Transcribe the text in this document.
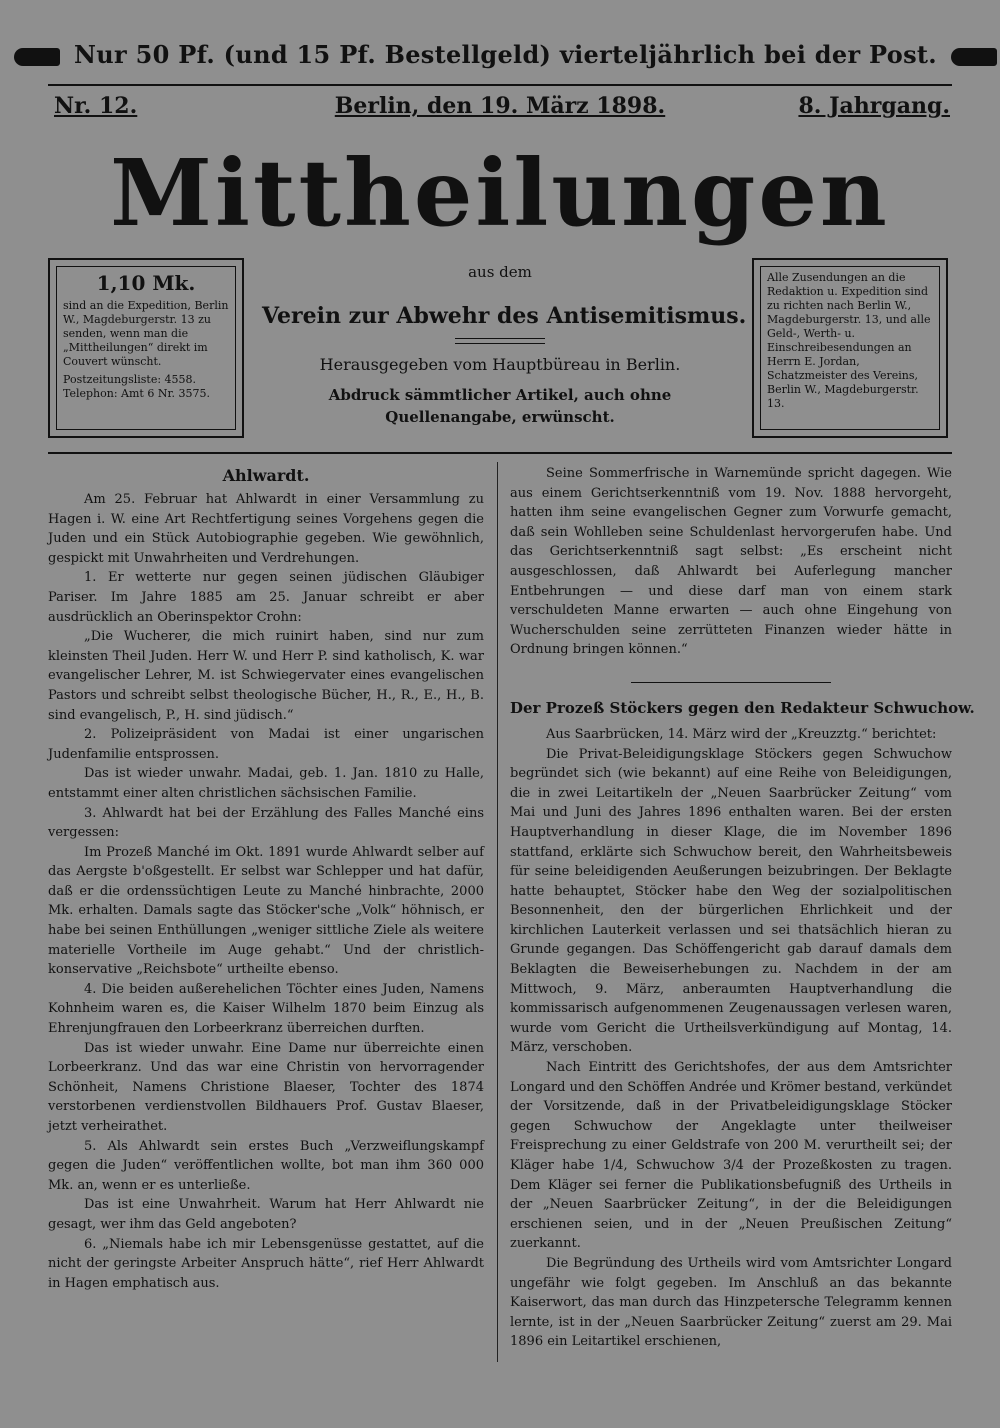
Nur 50 Pf. (und 15 Pf. Bestellgeld) vierteljährlich bei der Post.
Berlin, den 19. März 1898.
Nr. 12.	8. Jahrgang.
Mittheilungen
1,10 Mk.

sind an die Expedition, Berlin W., Magdeburgerstr. 13 zu senden, wenn man die „Mittheilungen“ direkt im Couvert wünscht.

Postzeitungsliste: 4558.

Telephon: Amt 6 Nr. 3575.

aus dem
Verein zur Abwehr des Antisemitismus.
Herausgegeben vom Hauptbüreau in Berlin.
Abdruck sämmtlicher Artikel, auch ohne Quellenangabe, erwünscht.

Alle Zusendungen an die Redaktion u. Expedition sind zu richten nach Berlin W., Magdeburgerstr. 13, und alle Geld-, Werth- u. Einschreibesendungen an Herrn E. Jordan, Schatzmeister des Vereins, Berlin W., Magdeburgerstr. 13.

Ahlwardt.

Am 25. Februar hat Ahlwardt in einer Versammlung zu Hagen i. W. eine Art Rechtfertigung seines Vorgehens gegen die Juden und ein Stück Autobiographie gegeben. Wie gewöhnlich, gespickt mit Unwahrheiten und Verdrehungen.

1. Er wetterte nur gegen seinen jüdischen Gläubiger Pariser. Im Jahre 1885 am 25. Januar schreibt er aber ausdrücklich an Oberinspektor Crohn:

„Die Wucherer, die mich ruinirt haben, sind nur zum kleinsten Theil Juden. Herr W. und Herr P. sind katholisch, K. war evangelischer Lehrer, M. ist Schwiegervater eines evangelischen Pastors und schreibt selbst theologische Bücher, H., R., E., H., B. sind evangelisch, P., H. sind jüdisch.“

2. Polizeipräsident von Madai ist einer ungarischen Judenfamilie entsprossen.

Das ist wieder unwahr. Madai, geb. 1. Jan. 1810 zu Halle, entstammt einer alten christlichen sächsischen Familie.

3. Ahlwardt hat bei der Erzählung des Falles Manché eins vergessen:

Im Prozeß Manché im Okt. 1891 wurde Ahlwardt selber auf das Aergste b'oßgestellt. Er selbst war Schlepper und hat dafür, daß er die ordenssüchtigen Leute zu Manché hinbrachte, 2000 Mk. erhalten. Damals sagte das Stöcker'sche „Volk“ höhnisch, er habe bei seinen Enthüllungen „weniger sittliche Ziele als weitere materielle Vortheile im Auge gehabt.“ Und der christlich-konservative „Reichsbote“ urtheilte ebenso.

4. Die beiden außerehelichen Töchter eines Juden, Namens Kohnheim waren es, die Kaiser Wilhelm 1870 beim Einzug als Ehrenjungfrauen den Lorbeerkranz überreichen durften.

Das ist wieder unwahr. Eine Dame nur überreichte einen Lorbeerkranz. Und das war eine Christin von hervorragender Schönheit, Namens Christione Blaeser, Tochter des 1874 verstorbenen verdienstvollen Bildhauers Prof. Gustav Blaeser, jetzt verheirathet.

5. Als Ahlwardt sein erstes Buch „Verzweiflungskampf gegen die Juden“ veröffentlichen wollte, bot man ihm 360 000 Mk. an, wenn er es unterließe.

Das ist eine Unwahrheit. Warum hat Herr Ahlwardt nie gesagt, wer ihm das Geld angeboten?

6. „Niemals habe ich mir Lebensgenüsse gestattet, auf die nicht der geringste Arbeiter Anspruch hätte“, rief Herr Ahlwardt in Hagen emphatisch aus.

Seine Sommerfrische in Warnemünde spricht dagegen. Wie aus einem Gerichtserkenntniß vom 19. Nov. 1888 hervorgeht, hatten ihm seine evangelischen Gegner zum Vorwurfe gemacht, daß sein Wohlleben seine Schuldenlast hervorgerufen habe. Und das Gerichtserkenntniß sagt selbst: „Es erscheint nicht ausgeschlossen, daß Ahlwardt bei Auferlegung mancher Entbehrungen — und diese darf man von einem stark verschuldeten Manne erwarten — auch ohne Eingehung von Wucherschulden seine zerrütteten Finanzen wieder hätte in Ordnung bringen können.“

Der Prozeß Stöckers gegen den Redakteur Schwuchow.

Aus Saarbrücken, 14. März wird der „Kreuzztg.“ berichtet:

Die Privat-Beleidigungsklage Stöckers gegen Schwuchow begründet sich (wie bekannt) auf eine Reihe von Beleidigungen, die in zwei Leitartikeln der „Neuen Saarbrücker Zeitung“ vom Mai und Juni des Jahres 1896 enthalten waren. Bei der ersten Hauptverhandlung in dieser Klage, die im November 1896 stattfand, erklärte sich Schwuchow bereit, den Wahrheitsbeweis für seine beleidigenden Aeußerungen beizubringen. Der Beklagte hatte behauptet, Stöcker habe den Weg der sozialpolitischen Besonnenheit, den der bürgerlichen Ehrlichkeit und der kirchlichen Lauterkeit verlassen und sei thatsächlich hieran zu Grunde gegangen. Das Schöffengericht gab darauf damals dem Beklagten die Beweiserhebungen zu. Nachdem in der am Mittwoch, 9. März, anberaumten Hauptverhandlung die kommissarisch aufgenommenen Zeugenaussagen verlesen waren, wurde vom Gericht die Urtheilsverkündigung auf Montag, 14. März, verschoben.

Nach Eintritt des Gerichtshofes, der aus dem Amtsrichter Longard und den Schöffen Andrée und Krömer bestand, verkündet der Vorsitzende, daß in der Privatbeleidigungsklage Stöcker gegen Schwuchow der Angeklagte unter theilweiser Freisprechung zu einer Geldstrafe von 200 M. verurtheilt sei; der Kläger habe 1/4, Schwuchow 3/4 der Prozeßkosten zu tragen. Dem Kläger sei ferner die Publikationsbefugniß des Urtheils in der „Neuen Saarbrücker Zeitung“, in der die Beleidigungen erschienen seien, und in der „Neuen Preußischen Zeitung“ zuerkannt.

Die Begründung des Urtheils wird vom Amtsrichter Longard ungefähr wie folgt gegeben. Im Anschluß an das bekannte Kaiserwort, das man durch das Hinzpetersche Telegramm kennen lernte, ist in der „Neuen Saarbrücker Zeitung“ zuerst am 29. Mai 1896 ein Leitartikel erschienen,
